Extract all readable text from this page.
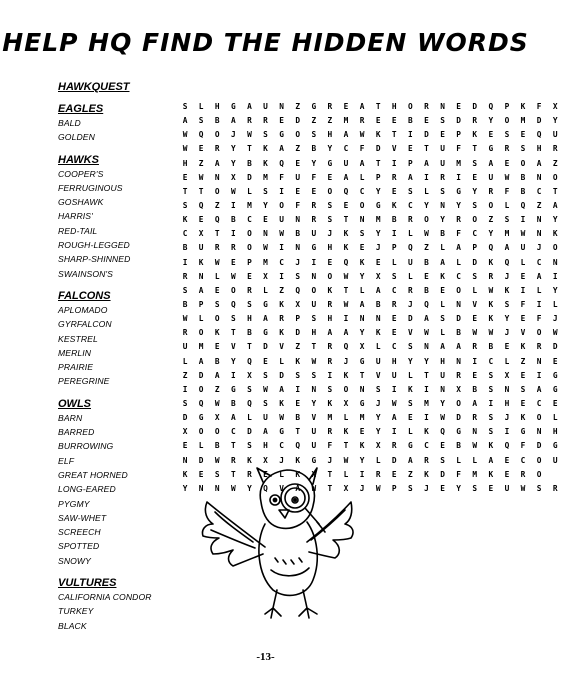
HELP HQ FIND THE HIDDEN WORDS
HAWKQUEST
EAGLES
BALD
GOLDEN
HAWKS
COOPER'S
FERRUGINOUS
GOSHAWK
HARRIS'
RED-TAIL
ROUGH-LEGGED
SHARP-SHINNED
SWAINSON'S
FALCONS
APLOMADO
GYRFALCON
KESTREL
MERLIN
PRAIRIE
PEREGRINE
OWLS
BARN
BARRED
BURROWING
ELF
GREAT HORNED
LONG-EARED
PYGMY
SAW-WHET
SCREECH
SPOTTED
SNOWY
VULTURES
CALIFORNIA CONDOR
TURKEY
BLACK
S	L	H	G	A	U	N	Z	G	R	E	A	T	H	O	R	N	E	D	Q	P	K	F	X
A	S	B	A	R	R	E	D	Z	Z	M	R	E	E	B	E	S	D	R	Y	O	M	D	Y
W	Q	O	J	W	S	G	O	S	H	A	W	K	T	I	D	E	P	K	E	S	E	Q	U
W	E	R	Y	T	K	A	Z	B	Y	C	F	D	V	E	T	U	F	T	G	R	S	H	R
H	Z	A	Y	B	K	Q	E	Y	G	U	A	T	I	P	A	U	M	S	A	E	O	A	Z
E	W	N	X	D	M	F	U	F	E	A	L	P	R	A	I	R	I	E	U	W	B	N	O
T	T	O	W	L	S	I	E	E	O	Q	C	Y	E	S	L	S	G	Y	R	F	B	C	T
S	Q	Z	I	M	Y	O	F	R	S	E	O	G	K	C	Y	N	Y	S	O	L	Q	Z	A
K	E	Q	B	C	E	U	N	R	S	T	N	M	B	R	O	Y	R	O	Z	S	I	N	Y
C	X	T	I	O	N	W	B	U	J	K	S	Y	I	L	W	B	F	C	Y	M	W	N	K
B	U	R	R	O	W	I	N	G	H	K	E	J	P	Q	Z	L	A	P	Q	A	U	J	O
I	K	W	E	P	M	C	J	I	E	Q	K	E	L	U	B	A	L	D	K	Q	L	C	N
R	N	L	W	E	X	I	S	N	O	W	Y	X	S	L	E	K	C	S	R	J	E	A	I
S	A	E	O	R	L	Z	Q	O	K	T	L	A	C	R	B	E	O	L	W	K	I	L	Y
B	P	S	Q	S	G	K	X	U	R	W	A	B	R	J	Q	L	N	V	K	S	F	I	L
W	L	O	S	H	A	R	P	S	H	I	N	N	E	D	A	S	D	E	K	Y	E	F	J
R	O	K	T	B	G	K	D	H	A	A	Y	K	E	V	W	L	B	W	W	J	V	O	W
U	M	E	V	T	D	V	Z	T	R	Q	X	L	C	S	N	A	A	R	B	E	K	R	D
L	A	B	Y	Q	E	L	K	W	R	J	G	U	H	Y	Y	H	N	I	C	L	Z	N	E
Z	D	A	I	X	S	D	S	S	I	K	T	V	U	L	T	U	R	E	S	X	E	I	G
I	O	Z	G	S	W	A	I	N	S	O	N	S	I	K	I	N	X	B	S	N	S	A	G
S	Q	W	B	Q	S	K	E	Y	K	X	G	J	W	S	M	Y	O	A	I	H	E	C	E
D	G	X	A	L	U	W	B	V	M	L	M	Y	A	E	I	W	D	R	S	J	K	O	L
X	O	O	C	D	A	G	T	U	R	K	E	Y	I	L	K	Q	G	N	S	I	G	N	H
E	L	B	T	S	H	C	Q	U	F	T	K	X	R	G	C	E	B	W	K	Q	F	D	G
N	D	W	R	K	X	J	K	G	J	W	Y	L	D	A	R	S	L	L	A	E	C	O	U
K	E	S	T	R	E	L	K	X	T	L	I	R	E	Z	K	D	F	M	K	E	R	O
Y	N	N	W	Y	Q	V	A	W	T	X	J	W	P	S	J	E	Y	S	E	U	W	S	R
-13-
